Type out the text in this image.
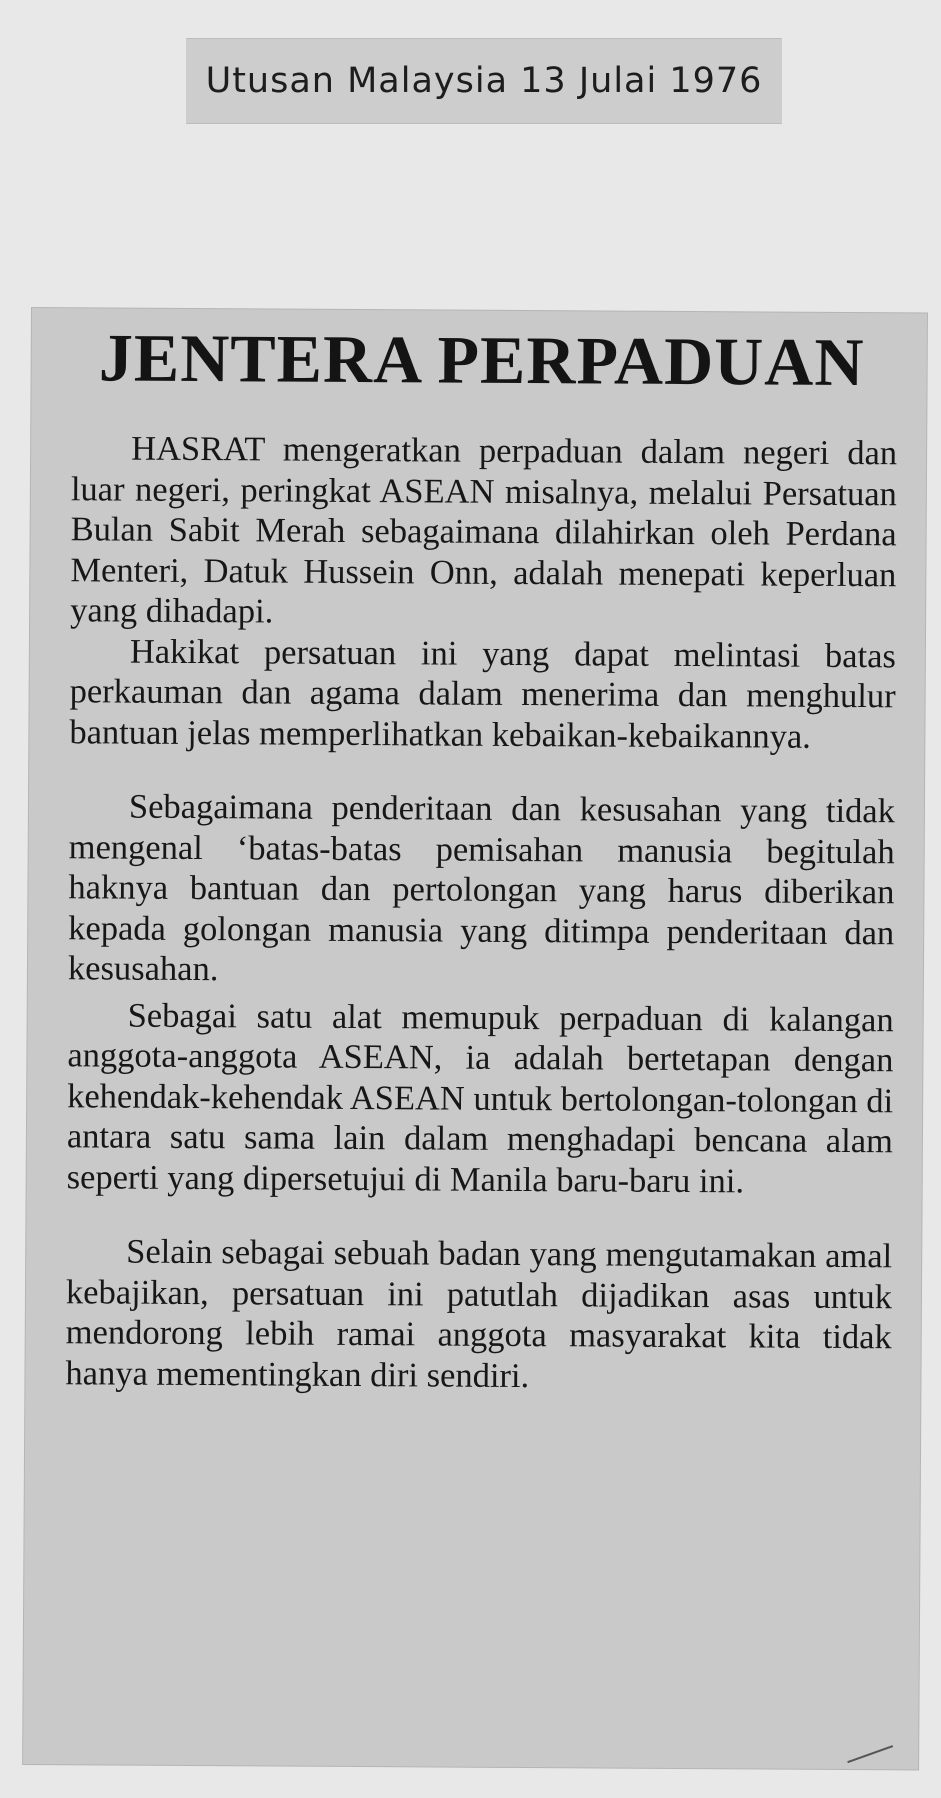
Utusan Malaysia 13 Julai 1976
JENTERA PERPADUAN

HASRAT mengeratkan perpaduan dalam negeri dan luar negeri, peringkat ASEAN misalnya, melalui Persatuan Bulan Sabit Merah sebagaimana dilahirkan oleh Perdana Menteri, Datuk Hussein Onn, adalah menepati keperluan yang dihadapi.

Hakikat persatuan ini yang dapat melintasi batas perkauman dan agama dalam menerima dan menghulur bantuan jelas memperlihatkan kebaikan-kebaikannya.

Sebagaimana penderitaan dan kesusahan yang tidak mengenal ‘batas-batas pemisahan manusia begitulah haknya bantuan dan pertolongan yang harus diberikan kepada golongan manusia yang ditimpa penderitaan dan kesusahan.

Sebagai satu alat memupuk perpaduan di kalangan anggota-anggota ASEAN, ia adalah bertetapan dengan kehendak-kehendak ASEAN untuk bertolongan-tolongan di antara satu sama lain dalam menghadapi bencana alam seperti yang dipersetujui di Manila baru-baru ini.

Selain sebagai sebuah badan yang mengutamakan amal kebajikan, persatuan ini patutlah dijadikan asas untuk mendorong lebih ramai anggota masyarakat kita tidak hanya mementingkan diri sendiri.
